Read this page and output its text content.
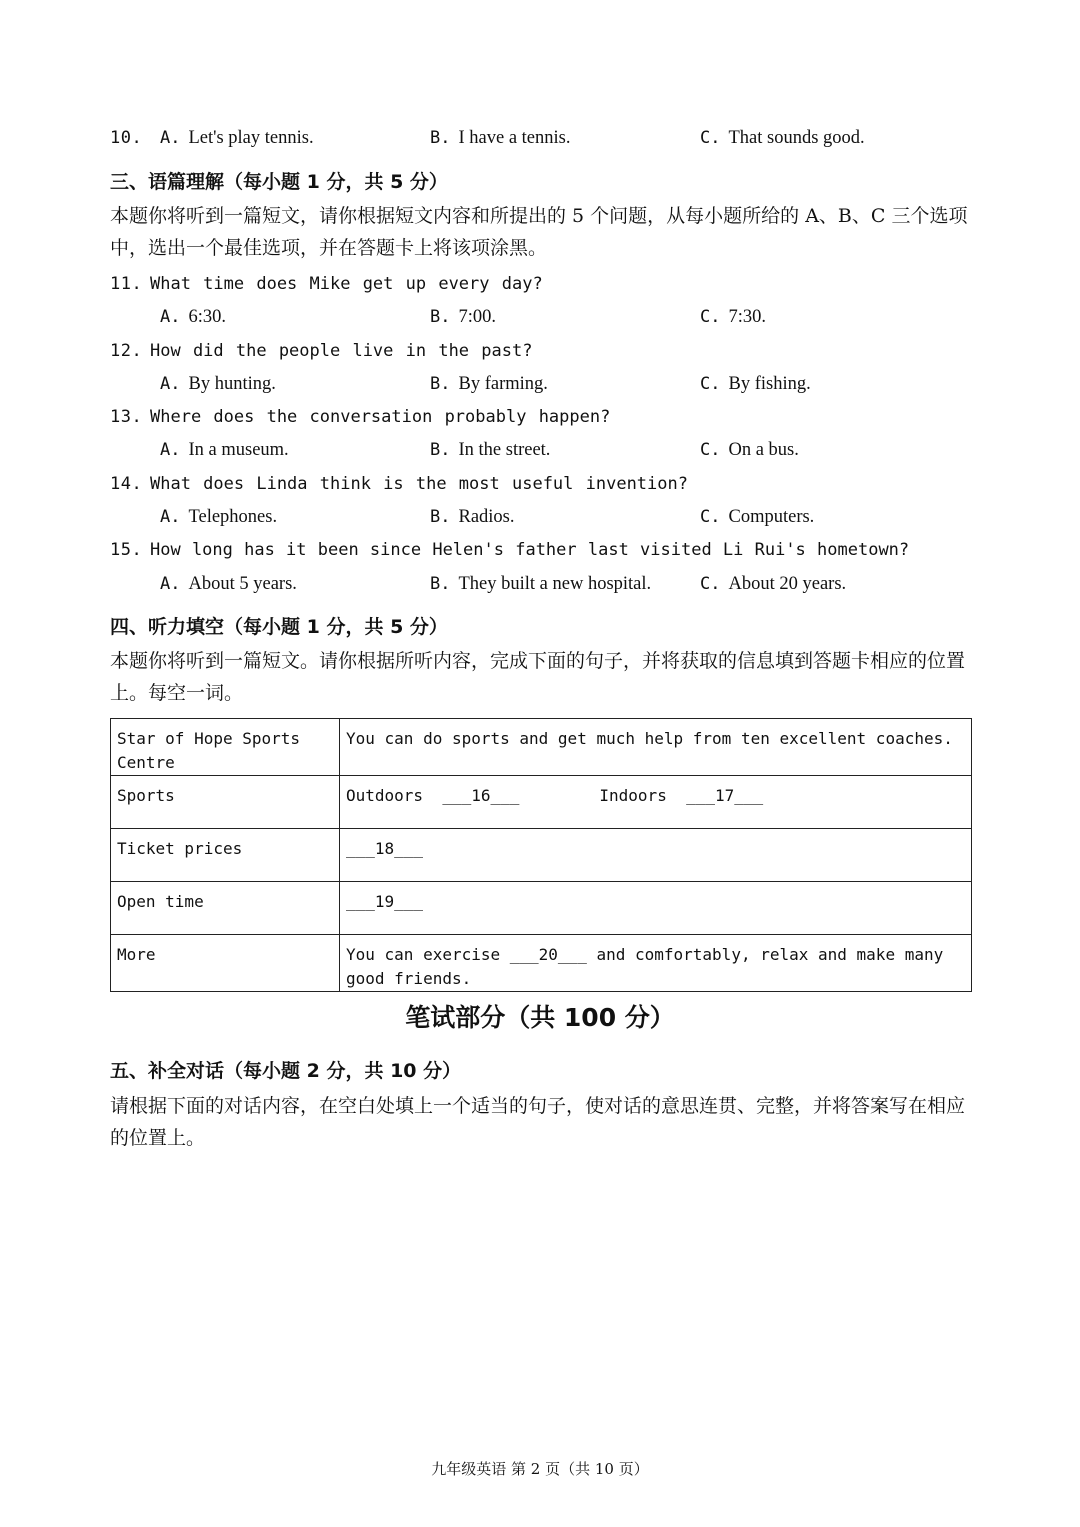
10. A. Let's play tennis.	B. I have a tennis.	C. That sounds good.
三、语篇理解（每小题 1 分，共 5 分）
本题你将听到一篇短文，请你根据短文内容和所提出的 5 个问题，从每小题所给的 A、B、C 三个选项中，选出一个最佳选项，并在答题卡上将该项涂黑。
11. What time does Mike get up every day?
A. 6:30.	B. 7:00.	C. 7:30.
12. How did the people live in the past?
A. By hunting.	B. By farming.	C. By fishing.
13. Where does the conversation probably happen?
A. In a museum.	B. In the street.	C. On a bus.
14. What does Linda think is the most useful invention?
A. Telephones.	B. Radios.	C. Computers.
15. How long has it been since Helen's father last visited Li Rui's hometown?
A. About 5 years.	B. They built a new hospital.	C. About 20 years.
四、听力填空（每小题 1 分，共 5 分）
本题你将听到一篇短文。请你根据所听内容，完成下面的句子，并将获取的信息填到答题卡相应的位置上。每空一词。
Star of Hope Sports Centre	You can do sports and get much help from ten excellent coaches.
Sports	Outdoors  ___16___ Indoors  ___17___
Ticket prices	___18___
Open time	___19___
More	You can exercise ___20___ and comfortably, relax and make many good friends.
笔试部分（共 100 分）
五、补全对话（每小题 2 分，共 10 分）
请根据下面的对话内容，在空白处填上一个适当的句子，使对话的意思连贯、完整，并将答案写在相应的位置上。
九年级英语 第 2 页（共 10 页）
